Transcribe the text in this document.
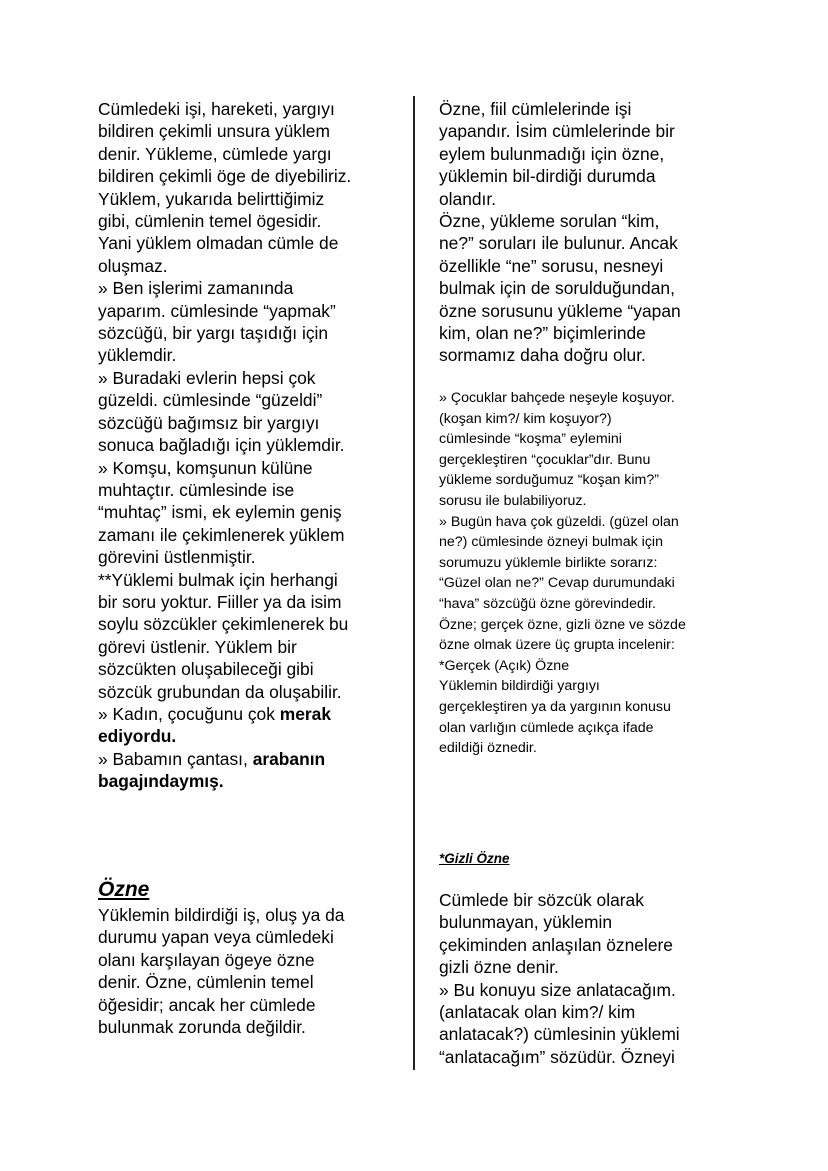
Cümledeki işi, hareketi, yargıyı
bildiren çekimli unsura yüklem
denir. Yükleme, cümlede yargı
bildiren çekimli öge de diyebiliriz.
Yüklem, yukarıda belirttiğimiz
gibi, cümlenin temel ögesidir.
Yani yüklem olmadan cümle de
oluşmaz.

» Ben işlerimi zamanında
yaparım. cümlesinde “yapmak”
sözcüğü, bir yargı taşıdığı için
yüklemdir.

» Buradaki evlerin hepsi çok
güzeldi. cümlesinde “güzeldi”
sözcüğü bağımsız bir yargıyı
sonuca bağladığı için yüklemdir.

» Komşu, komşunun külüne
muhtaçtır. cümlesinde ise
“muhtaç” ismi, ek eylemin geniş
zamanı ile çekimlenerek yüklem
görevini üstlenmiştir.

**Yüklemi bulmak için herhangi
bir soru yoktur. Fiiller ya da isim
soylu sözcükler çekimlenerek bu
görevi üstlenir. Yüklem bir
sözcükten oluşabileceği gibi
sözcük grubundan da oluşabilir.

» Kadın, çocuğunu çok merak
ediyordu.

» Babamın çantası, arabanın
bagajındaymış.

Özne

Yüklemin bildirdiği iş, oluş ya da
durumu yapan veya cümledeki
olanı karşılayan ögeye özne
denir. Özne, cümlenin temel
öğesidir; ancak her cümlede
bulunmak zorunda değildir.

Özne, fiil cümlelerinde işi
yapandır. İsim cümlelerinde bir
eylem bulunmadığı için özne,
yüklemin bil-dirdiği durumda
olandır.
Özne, yükleme sorulan “kim,
ne?” soruları ile bulunur. Ancak
özellikle “ne” sorusu, nesneyi
bulmak için de sorulduğundan,
özne sorusunu yükleme “yapan
kim, olan ne?” biçimlerinde
sormamız daha doğru olur.

» Çocuklar bahçede neşeyle koşuyor.
(koşan kim?/ kim koşuyor?)
cümlesinde “koşma” eylemini
gerçekleştiren “çocuklar”dır. Bunu
yükleme sorduğumuz “koşan kim?”
sorusu ile bulabiliyoruz.
» Bugün hava çok güzeldi. (güzel olan
ne?) cümlesinde özneyi bulmak için
sorumuzu yüklemle birlikte sorarız:
“Güzel olan ne?” Cevap durumundaki
“hava” sözcüğü özne görevindedir.
Özne; gerçek özne, gizli özne ve sözde
özne olmak üzere üç grupta incelenir:
*Gerçek (Açık) Özne
Yüklemin bildirdiği yargıyı
gerçekleştiren ya da yargının konusu
olan varlığın cümlede açıkça ifade
edildiği öznedir.

*Gizli Özne

Cümlede bir sözcük olarak
bulunmayan, yüklemin
çekiminden anlaşılan öznelere
gizli özne denir.
» Bu konuyu size anlatacağım.
(anlatacak olan kim?/ kim
anlatacak?) cümlesinin yüklemi
“anlatacağım” sözüdür. Özneyi
